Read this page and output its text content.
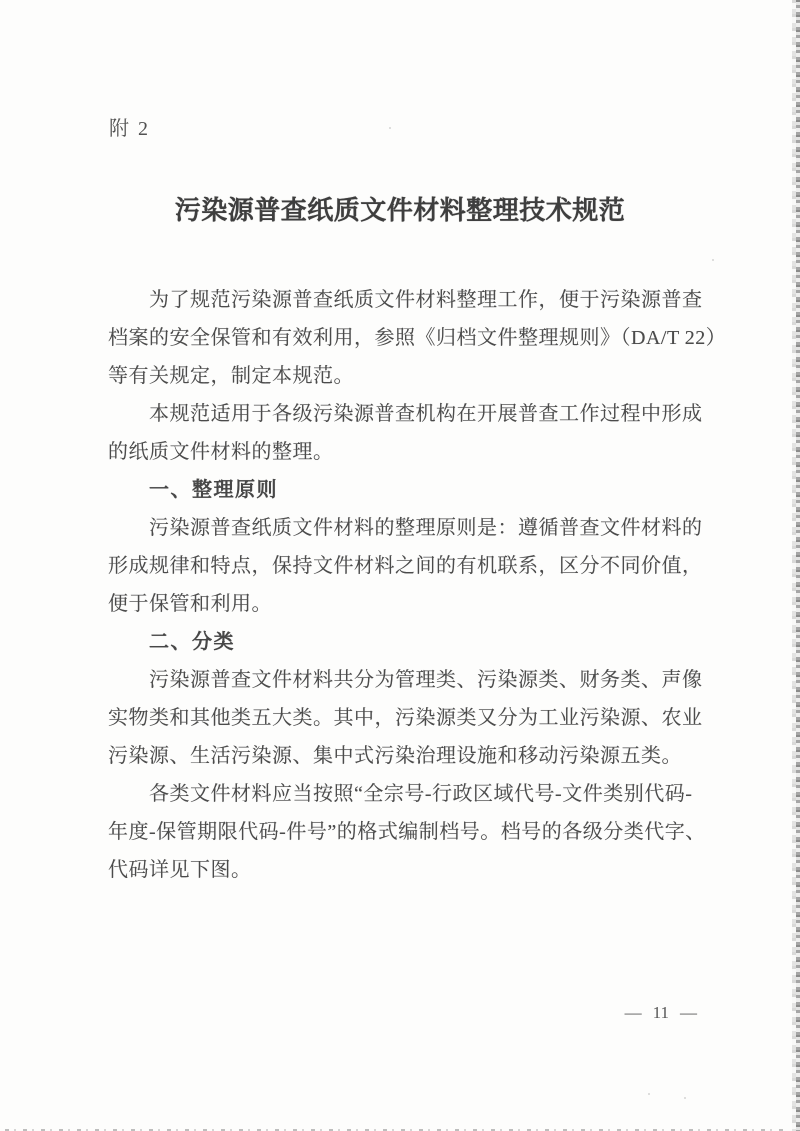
附 2
污染源普查纸质文件材料整理技术规范
为了规范污染源普查纸质文件材料整理工作，便于污染源普查
档案的安全保管和有效利用，参照《归档文件整理规则》（DA/T 22）
等有关规定，制定本规范。
本规范适用于各级污染源普查机构在开展普查工作过程中形成
的纸质文件材料的整理。
一、整理原则
污染源普查纸质文件材料的整理原则是：遵循普查文件材料的
形成规律和特点，保持文件材料之间的有机联系，区分不同价值，
便于保管和利用。
二、分类
污染源普查文件材料共分为管理类、污染源类、财务类、声像
实物类和其他类五大类。其中，污染源类又分为工业污染源、农业
污染源、生活污染源、集中式污染治理设施和移动污染源五类。
各类文件材料应当按照“全宗号-行政区域代号-文件类别代码-
年度-保管期限代码-件号”的格式编制档号。档号的各级分类代字、
代码详见下图。
— 11 —
